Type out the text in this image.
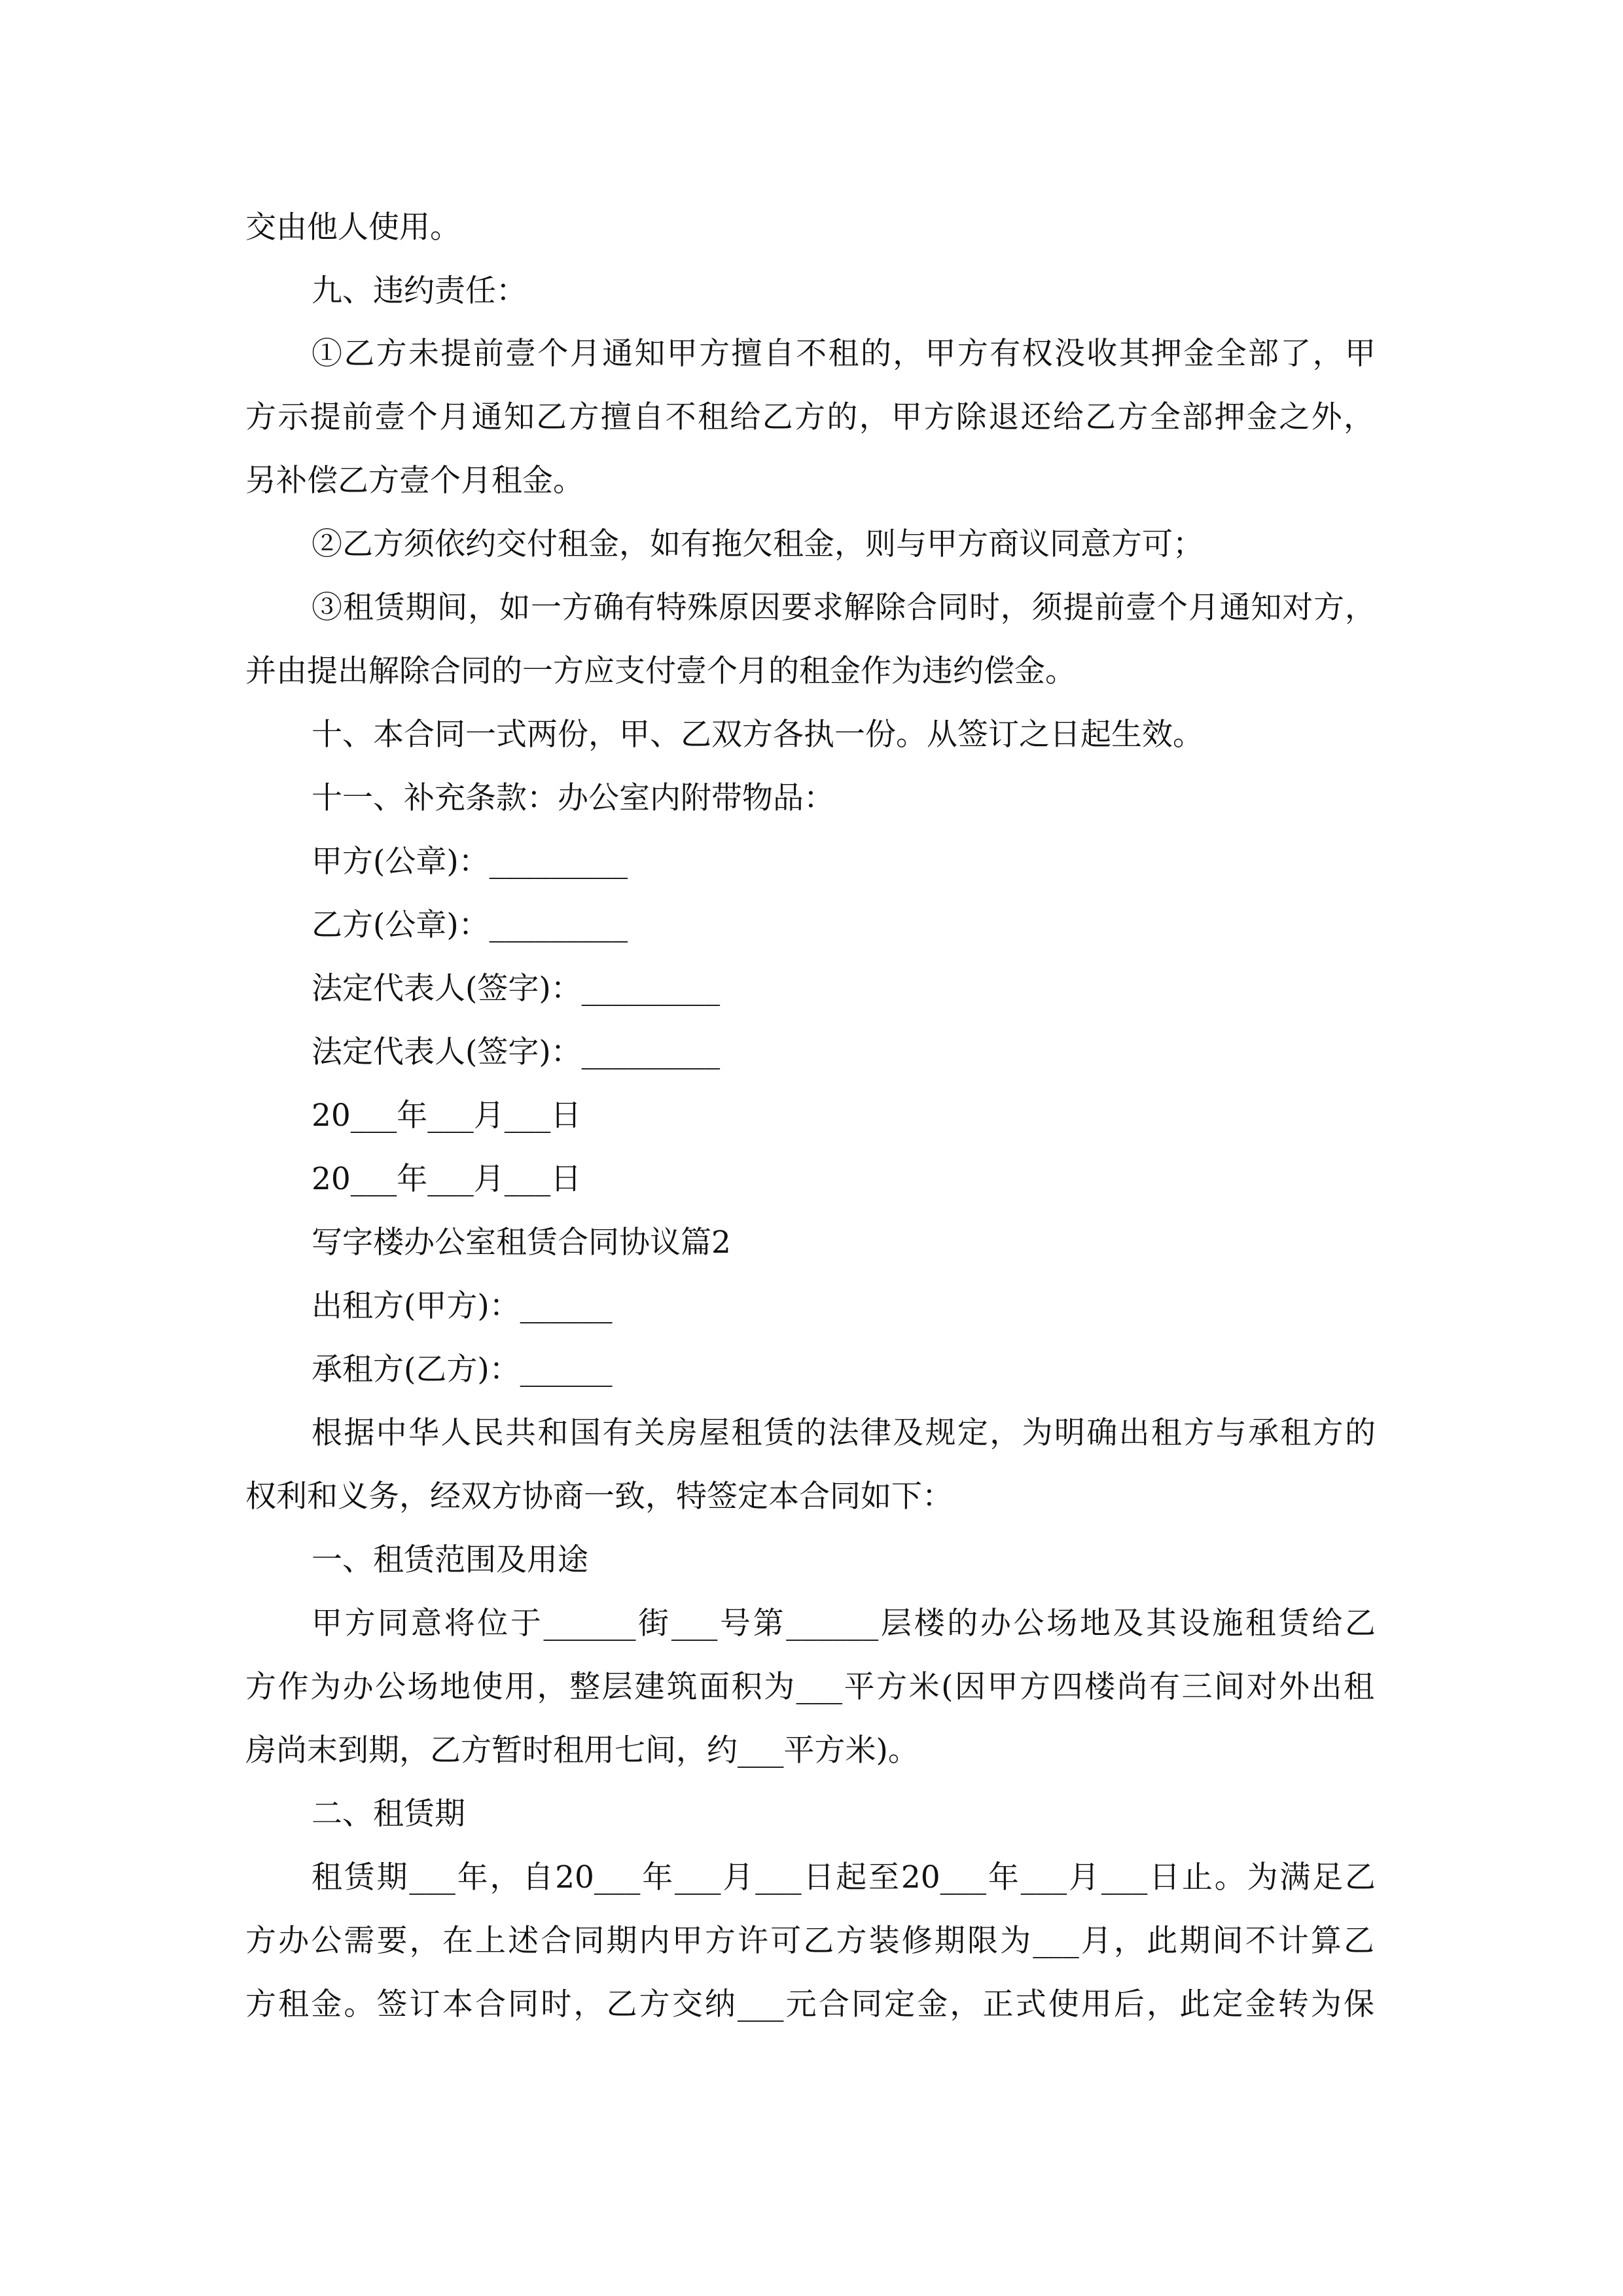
交由他人使用。
九、违约责任：
①乙方未提前壹个月通知甲方擅自不租的，甲方有权没收其押金全部了，甲
方示提前壹个月通知乙方擅自不租给乙方的，甲方除退还给乙方全部押金之外，
另补偿乙方壹个月租金。
②乙方须依约交付租金，如有拖欠租金，则与甲方商议同意方可；
③租赁期间，如一方确有特殊原因要求解除合同时，须提前壹个月通知对方，
并由提出解除合同的一方应支付壹个月的租金作为违约偿金。
十、本合同一式两份，甲、乙双方各执一份。从签订之日起生效。
十一、补充条款：办公室内附带物品：
甲方(公章)：_________
乙方(公章)：_________
法定代表人(签字)：_________
法定代表人(签字)：_________
20___年___月___日
20___年___月___日
写字楼办公室租赁合同协议篇2
出租方(甲方)：______
承租方(乙方)：______
根据中华人民共和国有关房屋租赁的法律及规定，为明确出租方与承租方的
权利和义务，经双方协商一致，特签定本合同如下：
一、租赁范围及用途
甲方同意将位于______街___号第______层楼的办公场地及其设施租赁给乙
方作为办公场地使用，整层建筑面积为___平方米(因甲方四楼尚有三间对外出租
房尚末到期，乙方暂时租用七间，约___平方米)。
二、租赁期
租赁期___年，自20___年___月___日起至20___年___月___日止。为满足乙
方办公需要，在上述合同期内甲方许可乙方装修期限为___月，此期间不计算乙
方租金。签订本合同时，乙方交纳___元合同定金，正式使用后，此定金转为保
